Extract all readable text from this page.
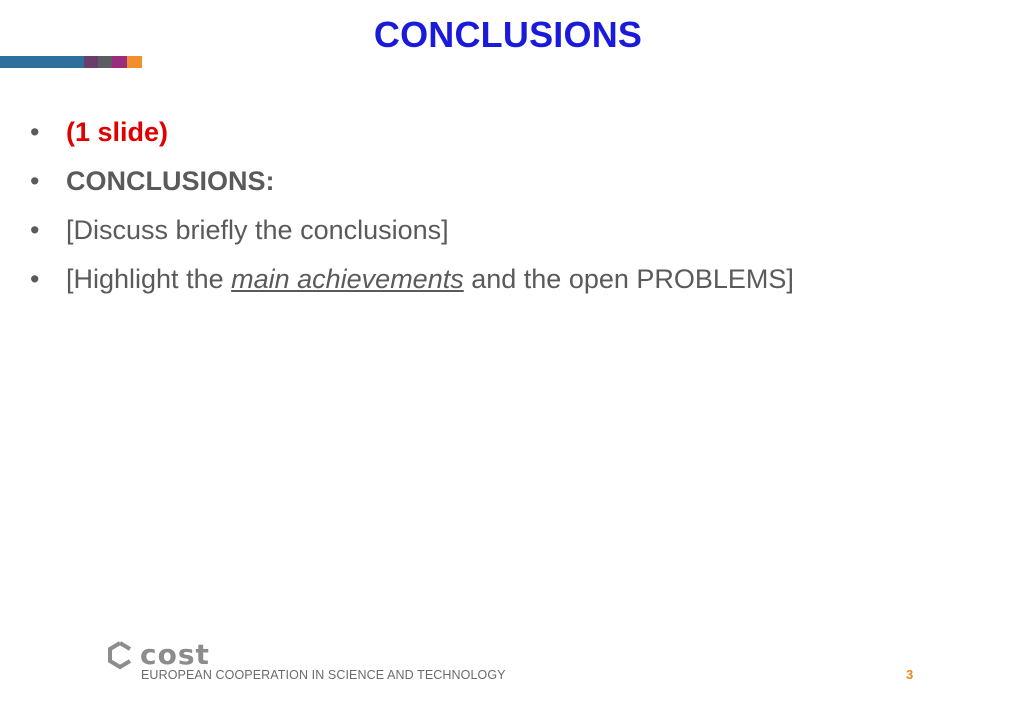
CONCLUSIONS
• (1 slide)
• CONCLUSIONS:
• [Discuss briefly the conclusions]
• [Highlight the main achievements and the open PROBLEMS]
cost
EUROPEAN COOPERATION IN SCIENCE AND TECHNOLOGY	3
